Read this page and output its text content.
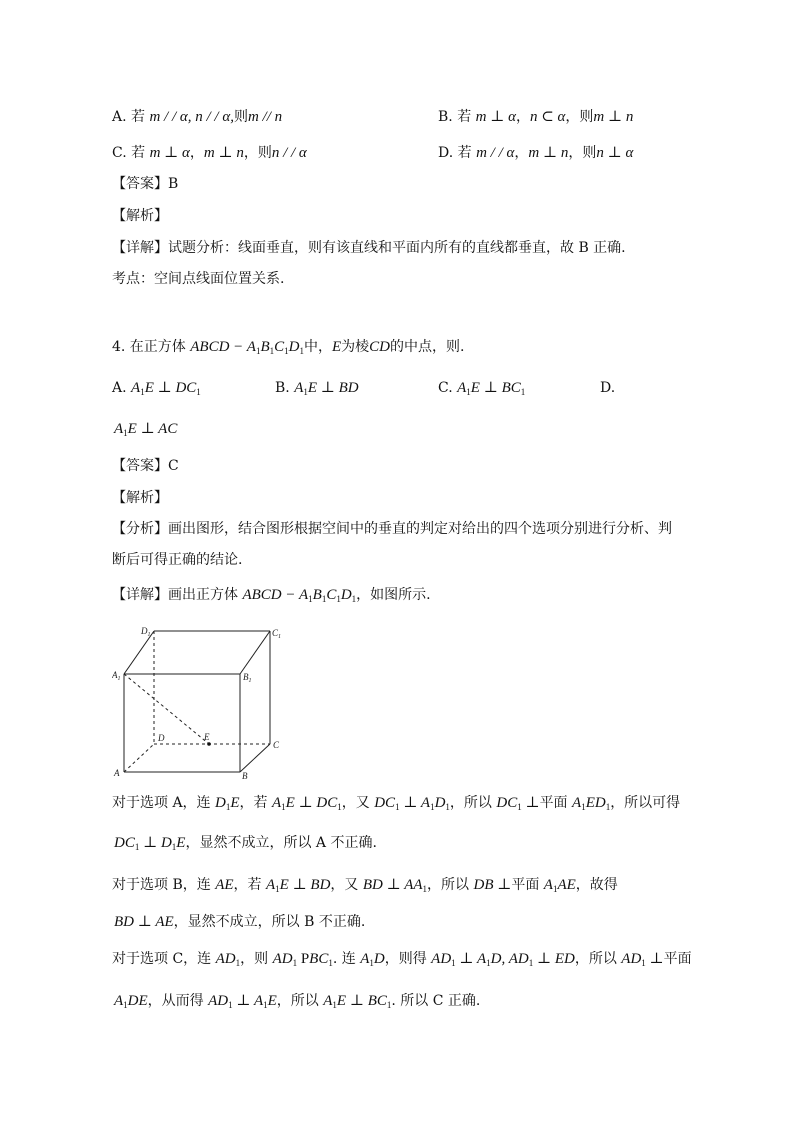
A. 若 m / / α, n / / α,则m // n	B. 若 m ⊥ α，n ⊂ α，则m ⊥ n
C. 若 m ⊥ α，m ⊥ n，则n / / α	D. 若 m / / α，m ⊥ n，则n ⊥ α
【答案】B
【解析】
【详解】试题分析：线面垂直，则有该直线和平面内所有的直线都垂直，故 B 正确.
考点：空间点线面位置关系.
4. 在正方体 ABCD − $A_1B_1C_1D_1$中，E为棱CD的中点，则.
A. $A_1E$ ⊥ $DC_1$	B. $A_1E$ ⊥ BD	C. $A_1E$ ⊥ $BC_1$	D.
$A_1E$ ⊥ AC
【答案】C
【解析】
【分析】画出图形，结合图形根据空间中的垂直的判定对给出的四个选项分别进行分析、判
断后可得正确的结论.
【详解】画出正方体 ABCD − $A_1B_1C_1D_1$，如图所示.
$D_1$	$C_1$
$A_1$	$B_1$
D	E
C
A	B
对于选项 A，连 $D_1E$，若 $A_1E$ ⊥ $DC_1$，又 $DC_1$ ⊥ $A_1D_1$，所以 $DC_1$ ⊥平面 $A_1ED_1$，所以可得
$DC_1$ ⊥ $D_1E$，显然不成立，所以 A 不正确.
对于选项 B，连 AE，若 $A_1E$ ⊥ BD，又 BD ⊥ $AA_1$，所以 DB ⊥平面 $A_1AE$，故得
BD ⊥ AE，显然不成立，所以 B 不正确.
对于选项 C，连 $AD_1$，则 $AD_1$ $PBC_1$. 连 $A_1D$，则得 $AD_1$ ⊥ $A_1D$, $AD_1$ ⊥ ED，所以 $AD_1$ ⊥平面
$A_1DE$，从而得 $AD_1$ ⊥ $A_1E$，所以 $A_1E$ ⊥ $BC_1$. 所以 C 正确.
